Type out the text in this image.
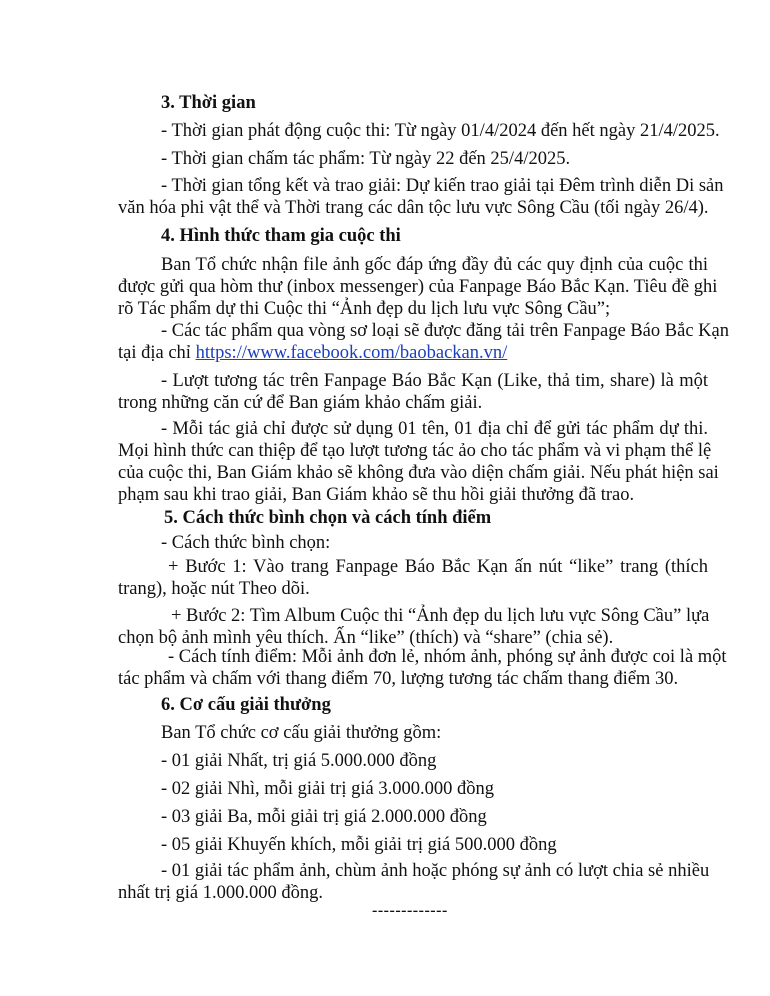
3. Thời gian
- Thời gian phát động cuộc thi: Từ ngày 01/4/2024 đến hết ngày 21/4/2025.
- Thời gian chấm tác phẩm: Từ ngày 22 đến 25/4/2025.
- Thời gian tổng kết và trao giải: Dự kiến trao giải tại Đêm trình diễn Di sản
văn hóa phi vật thể và Thời trang các dân tộc lưu vực Sông Cầu (tối ngày 26/4).
4. Hình thức tham gia cuộc thi
Ban Tổ chức nhận file ảnh gốc đáp ứng đầy đủ các quy định của cuộc thi
được gửi qua hòm thư (inbox messenger) của Fanpage Báo Bắc Kạn. Tiêu đề ghi
rõ Tác phẩm dự thi Cuộc thi “Ảnh đẹp du lịch lưu vực Sông Cầu”;
- Các tác phẩm qua vòng sơ loại sẽ được đăng tải trên Fanpage Báo Bắc Kạn
tại địa chỉ https://www.facebook.com/baobackan.vn/
- Lượt tương tác trên Fanpage Báo Bắc Kạn (Like, thả tim, share) là một
trong những căn cứ để Ban giám khảo chấm giải.
- Mỗi tác giả chỉ được sử dụng 01 tên, 01 địa chỉ để gửi tác phẩm dự thi.
Mọi hình thức can thiệp để tạo lượt tương tác ảo cho tác phẩm và vi phạm thể lệ
của cuộc thi, Ban Giám khảo sẽ không đưa vào diện chấm giải. Nếu phát hiện sai
phạm sau khi trao giải, Ban Giám khảo sẽ thu hồi giải thưởng đã trao.
5. Cách thức bình chọn và cách tính điểm
- Cách thức bình chọn:
+ Bước 1: Vào trang Fanpage Báo Bắc Kạn ấn nút “like” trang (thích
trang), hoặc nút Theo dõi.
+ Bước 2: Tìm Album Cuộc thi “Ảnh đẹp du lịch lưu vực Sông Cầu” lựa
chọn bộ ảnh mình yêu thích. Ấn “like” (thích) và “share” (chia sẻ).
- Cách tính điểm: Mỗi ảnh đơn lẻ, nhóm ảnh, phóng sự ảnh được coi là một
tác phẩm và chấm với thang điểm 70, lượng tương tác chấm thang điểm 30.
6. Cơ cấu giải thưởng
Ban Tổ chức cơ cấu giải thưởng gồm:
- 01 giải Nhất, trị giá 5.000.000 đồng
- 02 giải Nhì, mỗi giải trị giá 3.000.000 đồng
- 03 giải Ba, mỗi giải trị giá 2.000.000 đồng
- 05 giải Khuyến khích, mỗi giải trị giá 500.000 đồng
- 01 giải tác phẩm ảnh, chùm ảnh hoặc phóng sự ảnh có lượt chia sẻ nhiều
nhất trị giá 1.000.000 đồng.
-------------
